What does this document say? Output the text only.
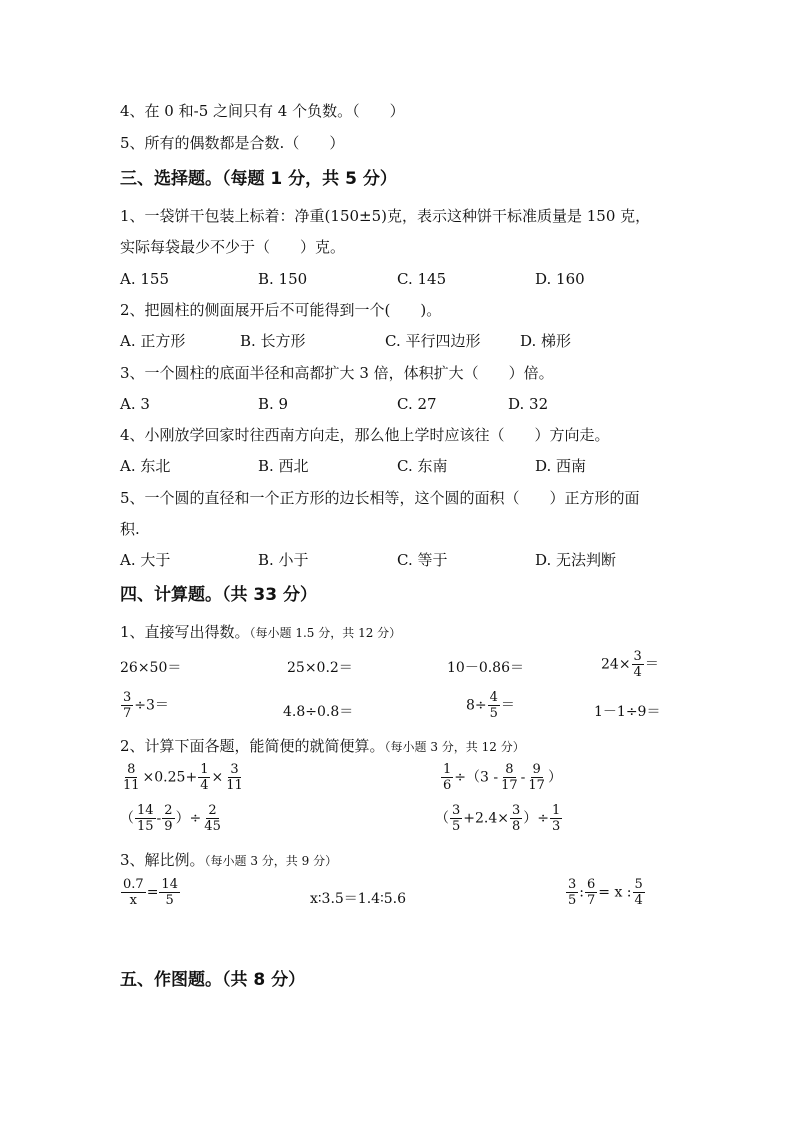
4、在 0 和-5 之间只有 4 个负数。（　　）
5、所有的偶数都是合数.（　　）
三、选择题。（每题 1 分，共 5 分）
1、一袋饼干包装上标着：净重(150±5)克，表示这种饼干标准质量是 150 克，
实际每袋最少不少于（　　）克。
A. 155	B. 150	C. 145	D. 160
2、把圆柱的侧面展开后不可能得到一个(　　)。
A. 正方形	B. 长方形	C. 平行四边形	D. 梯形
3、一个圆柱的底面半径和高都扩大 3 倍，体积扩大（　　）倍。
A. 3	B. 9	C. 27	D. 32
4、小刚放学回家时往西南方向走，那么他上学时应该往（　　）方向走。
A. 东北	B. 西北	C. 东南	D. 西南
5、一个圆的直径和一个正方形的边长相等，这个圆的面积（　　）正方形的面
积.
A. 大于	B. 小于	C. 等于	D. 无法判断
四、计算题。（共 33 分）
1、直接写出得数。（每小题 1.5 分，共 12 分）
26×50＝	25×0.2＝	10－0.86＝	$24\times \frac{3}{4}$ ＝
$\frac{3}{7} \div 3=$	4.8÷0.8＝	$8\div \frac{4}{5}$ ＝	1－1÷9＝
2、计算下面各题，能简便的就简便算。（每小题 3 分，共 12 分）
$\frac{8}{11} \times 0.25+ \frac{1}{4} \times \frac{3}{11}$	$\frac{1}{6} \div(3 - \frac{8}{17} - \frac{9}{17}$ ）
（ $\frac{14}{15} - \frac{2}{9}$ ）÷ $\frac{2}{45}$	（ $\frac{3}{5} +2.4\times \frac{3}{8}$ ）÷ $\frac{1}{3}$
3、解比例。（每小题 3 分，共 9 分）
$\frac{0.7}{x} = \frac{14}{5}$	x∶3.5＝1.4∶5.6	$\frac{3}{5}$ : $\frac{6}{7} = x$ : $\frac{5}{4}$
五、作图题。（共 8 分）
